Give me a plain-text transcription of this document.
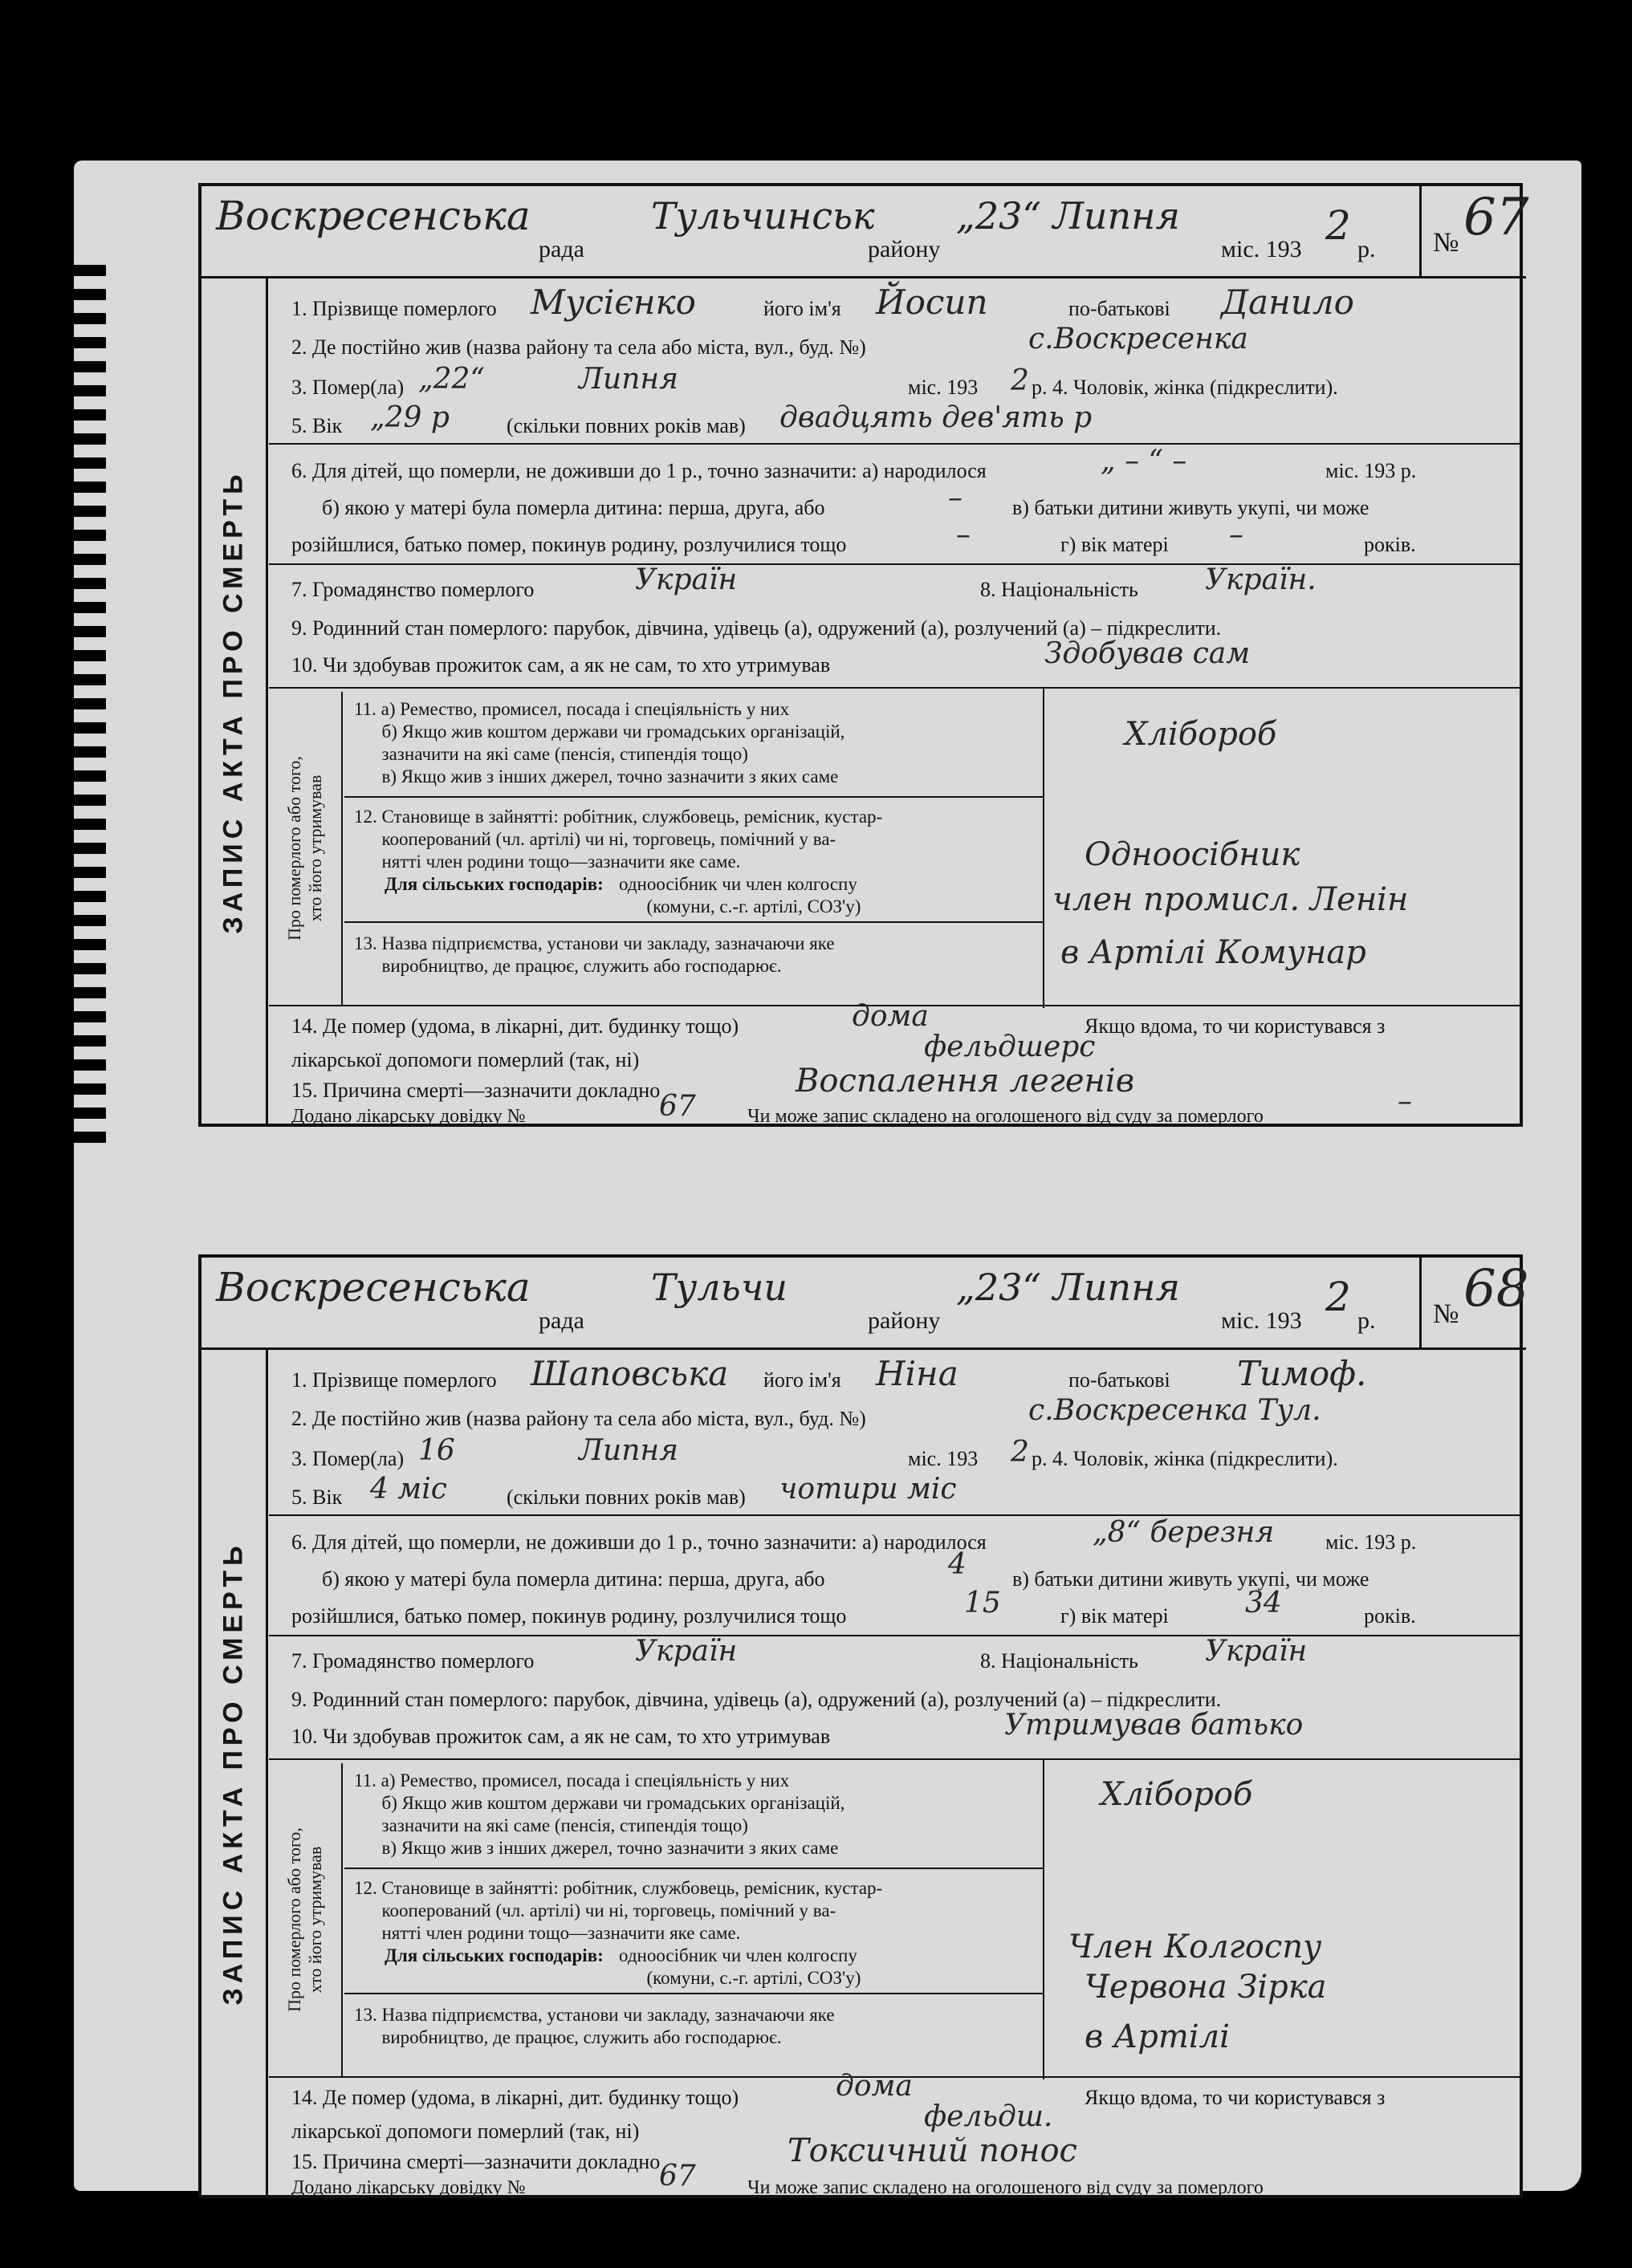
Воскресенська
рада
Тульчинськ
району
„23“ Липня
міс. 193
2
р. № 67
ЗАПИС АКТА ПРО СМЕРТЬ
1. Прізвище померлого Мусієнко	його ім'я Йосип	по-батькові Данило
2. Де постійно жив (назва району та села або міста, вул., буд. №)	с.Воскресенка
3. Помер(ла) „22“	Липня	міс. 193 2 р. 4. Чоловік, жінка (підкреслити).
5. Вік „29 р	(скільки повних років мав) двадцять дев'ять р
6. Для дітей, що померли, не доживши до 1 р., точно зазначити: а) народилося	„ – “ –	міс. 193 р.
б) якою у матері була померла дитина: перша, друга, або	– в) батьки дитини живуть укупі, чи може
розійшлися, батько помер, покинув родину, розлучилися тощо	–	г) вік матері –	років.
7. Громадянство померлого	Україн	8. Національність Україн.
9. Родинний стан померлого: парубок, дівчина, удівець (а), одружений (а), розлучений (а) – підкреслити.
10. Чи здобував прожиток сам, а як не сам, то хто утримував	Здобував сам
Про померлого або того, хто його утримував
11. а) Ремество, промисел, посада і спеціяльність у них
б) Якщо жив коштом держави чи громадських організацій,
зазначити на які саме (пенсія, стипендія тощо)
в) Якщо жив з інших джерел, точно зазначити з яких саме
Хлібороб
12. Становище в зайнятті: робітник, службовець, ремісник, кустар-
кооперований (чл. артілі) чи ні, торговець, помічний у ва-
нятті член родини тощо—зазначити яке саме.
Для сільських господарів: одноосібник чи член колгоспу
(комуни, с.-г. артілі, СОЗ'у)
Одноосібник
член промисл. Ленін
13. Назва підприємства, установи чи закладу, зазначаючи яке
виробництво, де працює, служить або господарює.	в Артілі Комунар
14. Де помер (удома, в лікарні, дит. будинку тощо)	дома	Якщо вдома, то чи користувався з
лікарської допомоги померлий (так, ні)	фельдшерс
15. Причина смерті—зазначити докладно	Воспалення легенів
Додано лікарську довідку №	67	Чи може запис складено на оголошеного від суду за померлого	–
Воскресенська
рада
Тульчи
району
„23“ Липня
міс. 193
2
р. № 68
ЗАПИС АКТА ПРО СМЕРТЬ
1. Прізвище померлого Шаповська його ім'я Ніна	по-батькові Тимоф.
2. Де постійно жив (назва району та села або міста, вул., буд. №)	с.Воскресенка Тул.
3. Помер(ла) 16	Липня	міс. 193 2 р. 4. Чоловік, жінка (підкреслити).
5. Вік 4 міс	(скільки повних років мав) чотири міс
6. Для дітей, що померли, не доживши до 1 р., точно зазначити: а) народилося	„8“ березня міс. 193 р.
б) якою у матері була померла дитина: перша, друга, або	4 в) батьки дитини живуть укупі, чи може
розійшлися, батько помер, покинув родину, розлучилися тощо	15	г) вік матері	34	років.
7. Громадянство померлого	Україн	8. Національність Україн
9. Родинний стан померлого: парубок, дівчина, удівець (а), одружений (а), розлучений (а) – підкреслити.
10. Чи здобував прожиток сам, а як не сам, то хто утримував	Утримував батько
Про померлого або того, хто його утримував
11. а) Ремество, промисел, посада і спеціяльність у них
б) Якщо жив коштом держави чи громадських організацій,
зазначити на які саме (пенсія, стипендія тощо)
в) Якщо жив з інших джерел, точно зазначити з яких саме
Хлібороб
12. Становище в зайнятті: робітник, службовець, ремісник, кустар-
кооперований (чл. артілі) чи ні, торговець, помічний у ва-
нятті член родини тощо—зазначити яке саме.
Для сільських господарів: одноосібник чи член колгоспу
(комуни, с.-г. артілі, СОЗ'у)
Член Колгоспу
Червона Зірка
13. Назва підприємства, установи чи закладу, зазначаючи яке
виробництво, де працює, служить або господарює.	в Артілі
14. Де помер (удома, в лікарні, дит. будинку тощо)	дома	Якщо вдома, то чи користувався з
лікарської допомоги померлий (так, ні)	фельдш.
15. Причина смерті—зазначити докладно	Токсичний понос
Додано лікарську довідку №	67	Чи може запис складено на оголошеного від суду за померлого
